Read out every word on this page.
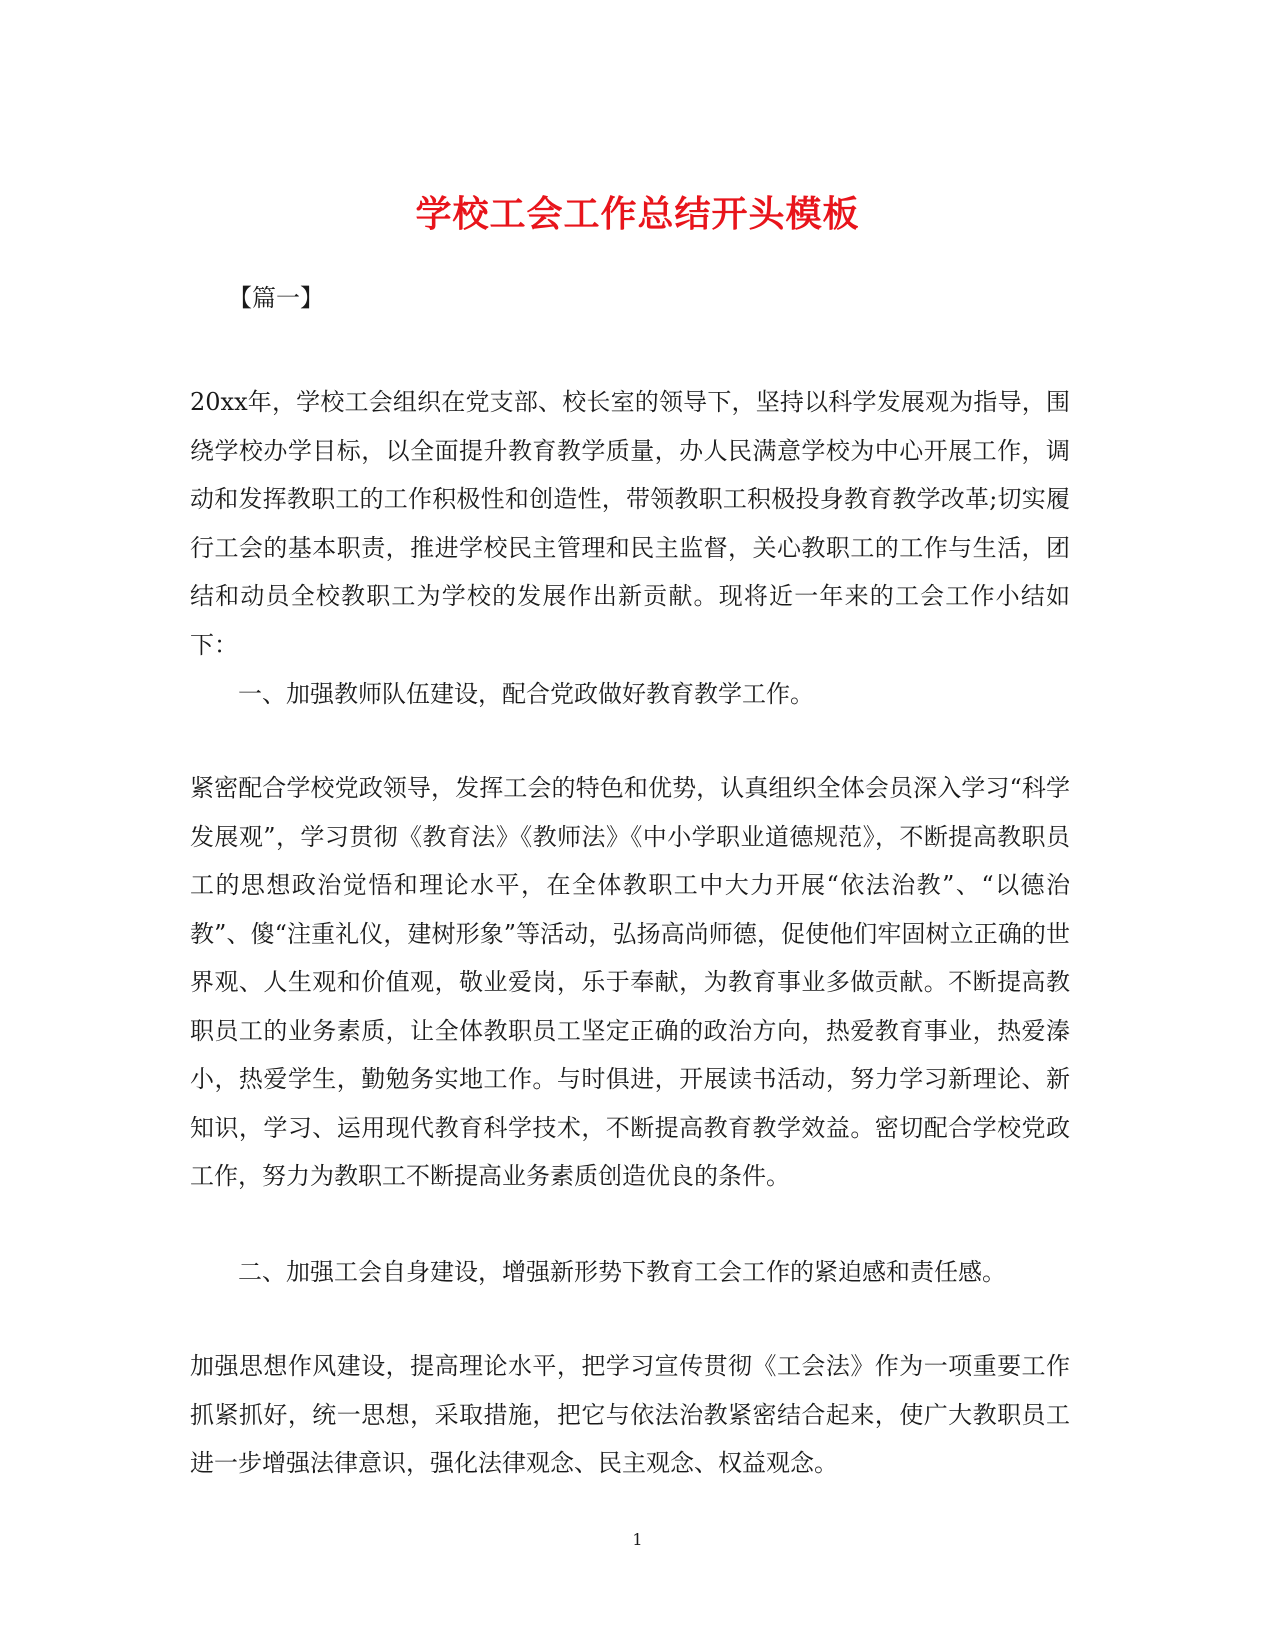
学校工会工作总结开头模板
【篇一】

20xx年，学校工会组织在党支部、校长室的领导下，坚持以科学发展观为指导，围绕学校办学目标，以全面提升教育教学质量，办人民满意学校为中心开展工作，调动和发挥教职工的工作积极性和创造性，带领教职工积极投身教育教学改革;切实履行工会的基本职责，推进学校民主管理和民主监督，关心教职工的工作与生活，团结和动员全校教职工为学校的发展作出新贡献。现将近一年来的工会工作小结如下：

一、加强教师队伍建设，配合党政做好教育教学工作。

紧密配合学校党政领导，发挥工会的特色和优势，认真组织全体会员深入学习“科学发展观”，学习贯彻《教育法》《教师法》《中小学职业道德规范》，不断提高教职员工的思想政治觉悟和理论水平，在全体教职工中大力开展“依法治教”、“以德治教”、傻“注重礼仪，建树形象”等活动，弘扬高尚师德，促使他们牢固树立正确的世界观、人生观和价值观，敬业爱岗，乐于奉献，为教育事业多做贡献。不断提高教职员工的业务素质，让全体教职员工坚定正确的政治方向，热爱教育事业，热爱溱小，热爱学生，勤勉务实地工作。与时俱进，开展读书活动，努力学习新理论、新知识，学习、运用现代教育科学技术，不断提高教育教学效益。密切配合学校党政工作，努力为教职工不断提高业务素质创造优良的条件。

二、加强工会自身建设，增强新形势下教育工会工作的紧迫感和责任感。

加强思想作风建设，提高理论水平，把学习宣传贯彻《工会法》作为一项重要工作抓紧抓好，统一思想，采取措施，把它与依法治教紧密结合起来，使广大教职员工进一步增强法律意识，强化法律观念、民主观念、权益观念。

1
